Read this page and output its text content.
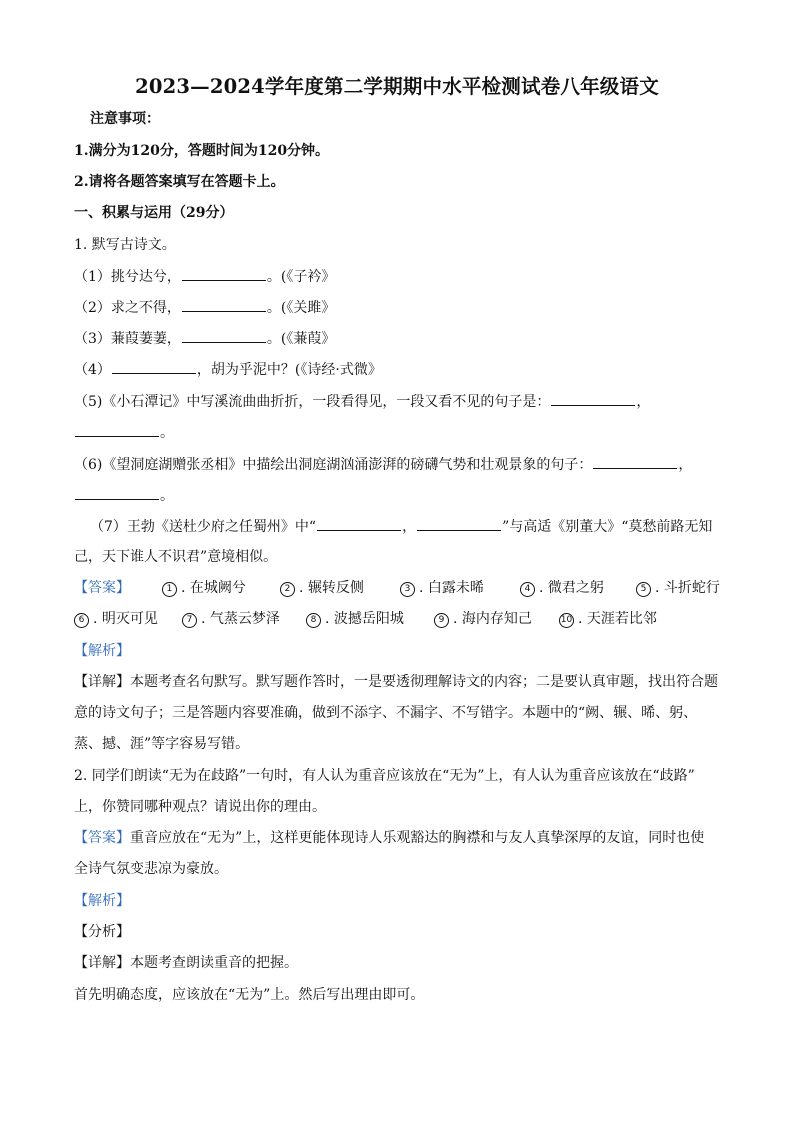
2023—2024学年度第二学期期中水平检测试卷八年级语文
注意事项：
1.满分为120分，答题时间为120分钟。
2.请将各题答案填写在答题卡上。
一、积累与运用（29分）
1. 默写古诗文。
（1）挑兮达兮，	。(《子衿》
（2）求之不得，	。(《关雎》
（3）蒹葭萋萋，	。(《蒹葭》
（4）	，胡为乎泥中？(《诗经·式微》
（5)《小石潭记》中写溪流曲曲折折，一段看得见，一段又看不见的句子是：	，
。
（6)《望洞庭湖赠张丞相》中描绘出洞庭湖汹涌澎湃的磅礴气势和壮观景象的句子：	，
。
（7）王勃《送杜少府之任蜀州》中“	，	”与高适《别董大》“莫愁前路无知
己，天下谁人不识君”意境相似。
【答案】	1 . 在城阙兮	2 . 辗转反侧	3 . 白露未晞	4 . 微君之躬	5 . 斗折蛇行
6 . 明灭可见	7 . 气蒸云梦泽	8 . 波撼岳阳城	9 . 海内存知己	10 . 天涯若比邻
【解析】
【详解】本题考查名句默写。默写题作答时，一是要透彻理解诗文的内容；二是要认真审题，找出符合题
意的诗文句子；三是答题内容要准确，做到不添字、不漏字、不写错字。本题中的“阙、辗、晞、躬、
蒸、撼、涯”等字容易写错。
2. 同学们朗读“无为在歧路”一句时，有人认为重音应该放在“无为”上，有人认为重音应该放在“歧路”
上，你赞同哪种观点？请说出你的理由。
【答案】重音应放在“无为”上，这样更能体现诗人乐观豁达的胸襟和与友人真挚深厚的友谊，同时也使
全诗气氛变悲凉为豪放。
【解析】
【分析】
【详解】本题考查朗读重音的把握。
首先明确态度，应该放在“无为”上。然后写出理由即可。
